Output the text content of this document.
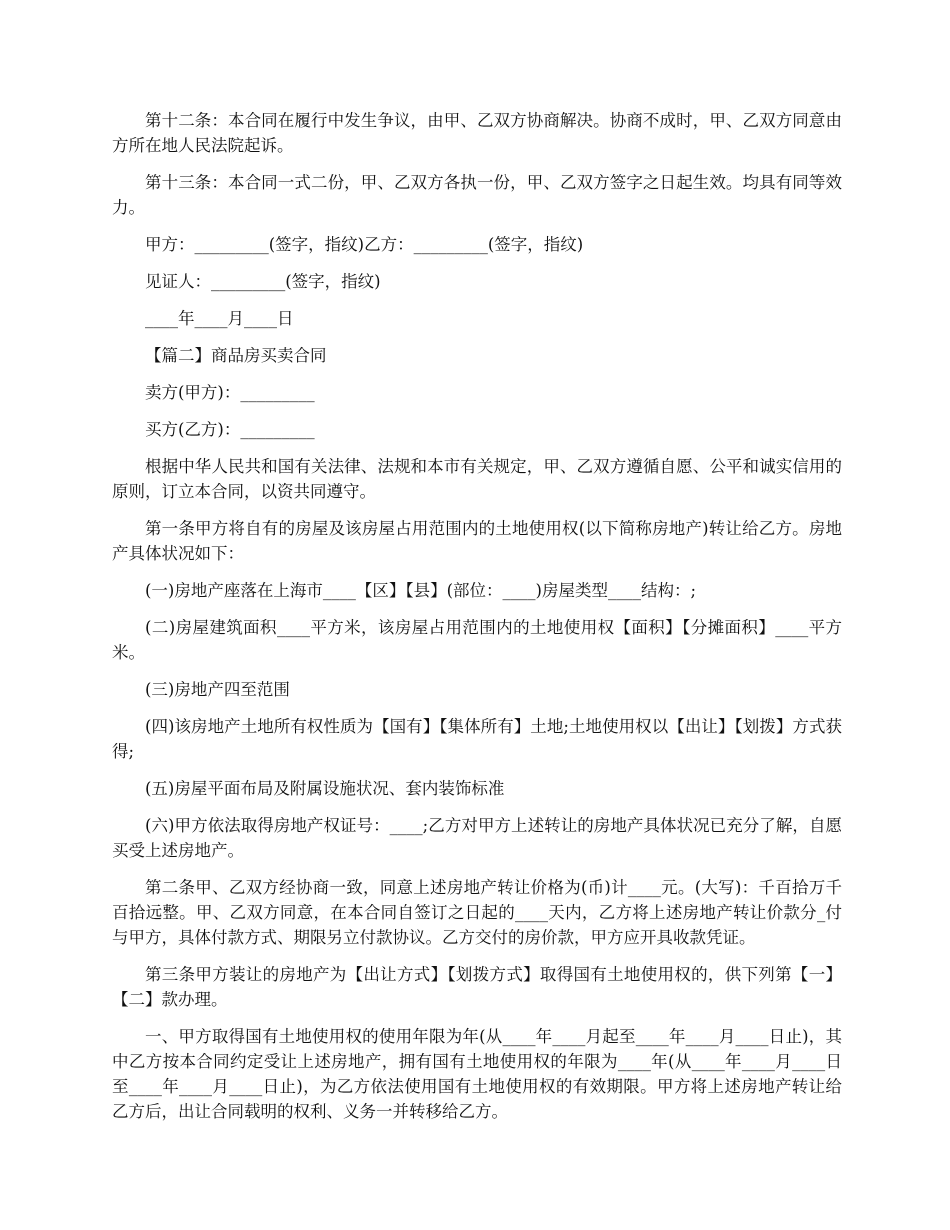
第十二条：本合同在履行中发生争议，由甲、乙双方协商解决。协商不成时，甲、乙双方同意由方所在地人民法院起诉。

第十三条：本合同一式二份，甲、乙双方各执一份，甲、乙双方签字之日起生效。均具有同等效力。

甲方：_________(签字，指纹)乙方：_________(签字，指纹)

见证人：_________(签字，指纹)

____年____月____日

【篇二】商品房买卖合同

卖方(甲方)：_________

买方(乙方)：_________

根据中华人民共和国有关法律、法规和本市有关规定，甲、乙双方遵循自愿、公平和诚实信用的原则，订立本合同，以资共同遵守。

第一条甲方将自有的房屋及该房屋占用范围内的土地使用权(以下简称房地产)转让给乙方。房地产具体状况如下：

(一)房地产座落在上海市____【区】【县】(部位：____)房屋类型____结构：;

(二)房屋建筑面积____平方米，该房屋占用范围内的土地使用权【面积】【分摊面积】____平方米。

(三)房地产四至范围

(四)该房地产土地所有权性质为【国有】【集体所有】土地;土地使用权以【出让】【划拨】方式获得;

(五)房屋平面布局及附属设施状况、套内装饰标准

(六)甲方依法取得房地产权证号：____;乙方对甲方上述转让的房地产具体状况已充分了解，自愿买受上述房地产。

第二条甲、乙双方经协商一致，同意上述房地产转让价格为(币)计____元。(大写)：千百拾万千百拾远整。甲、乙双方同意，在本合同自签订之日起的____天内，乙方将上述房地产转让价款分_付与甲方，具体付款方式、期限另立付款协议。乙方交付的房价款，甲方应开具收款凭证。

第三条甲方装让的房地产为【出让方式】【划拨方式】取得国有土地使用权的，供下列第【一】【二】款办理。

一、甲方取得国有土地使用权的使用年限为年(从____年____月起至____年____月____日止)，其中乙方按本合同约定受让上述房地产，拥有国有土地使用权的年限为____年(从____年____月____日至____年____月____日止)，为乙方依法使用国有土地使用权的有效期限。甲方将上述房地产转让给乙方后，出让合同载明的权利、义务一并转移给乙方。
